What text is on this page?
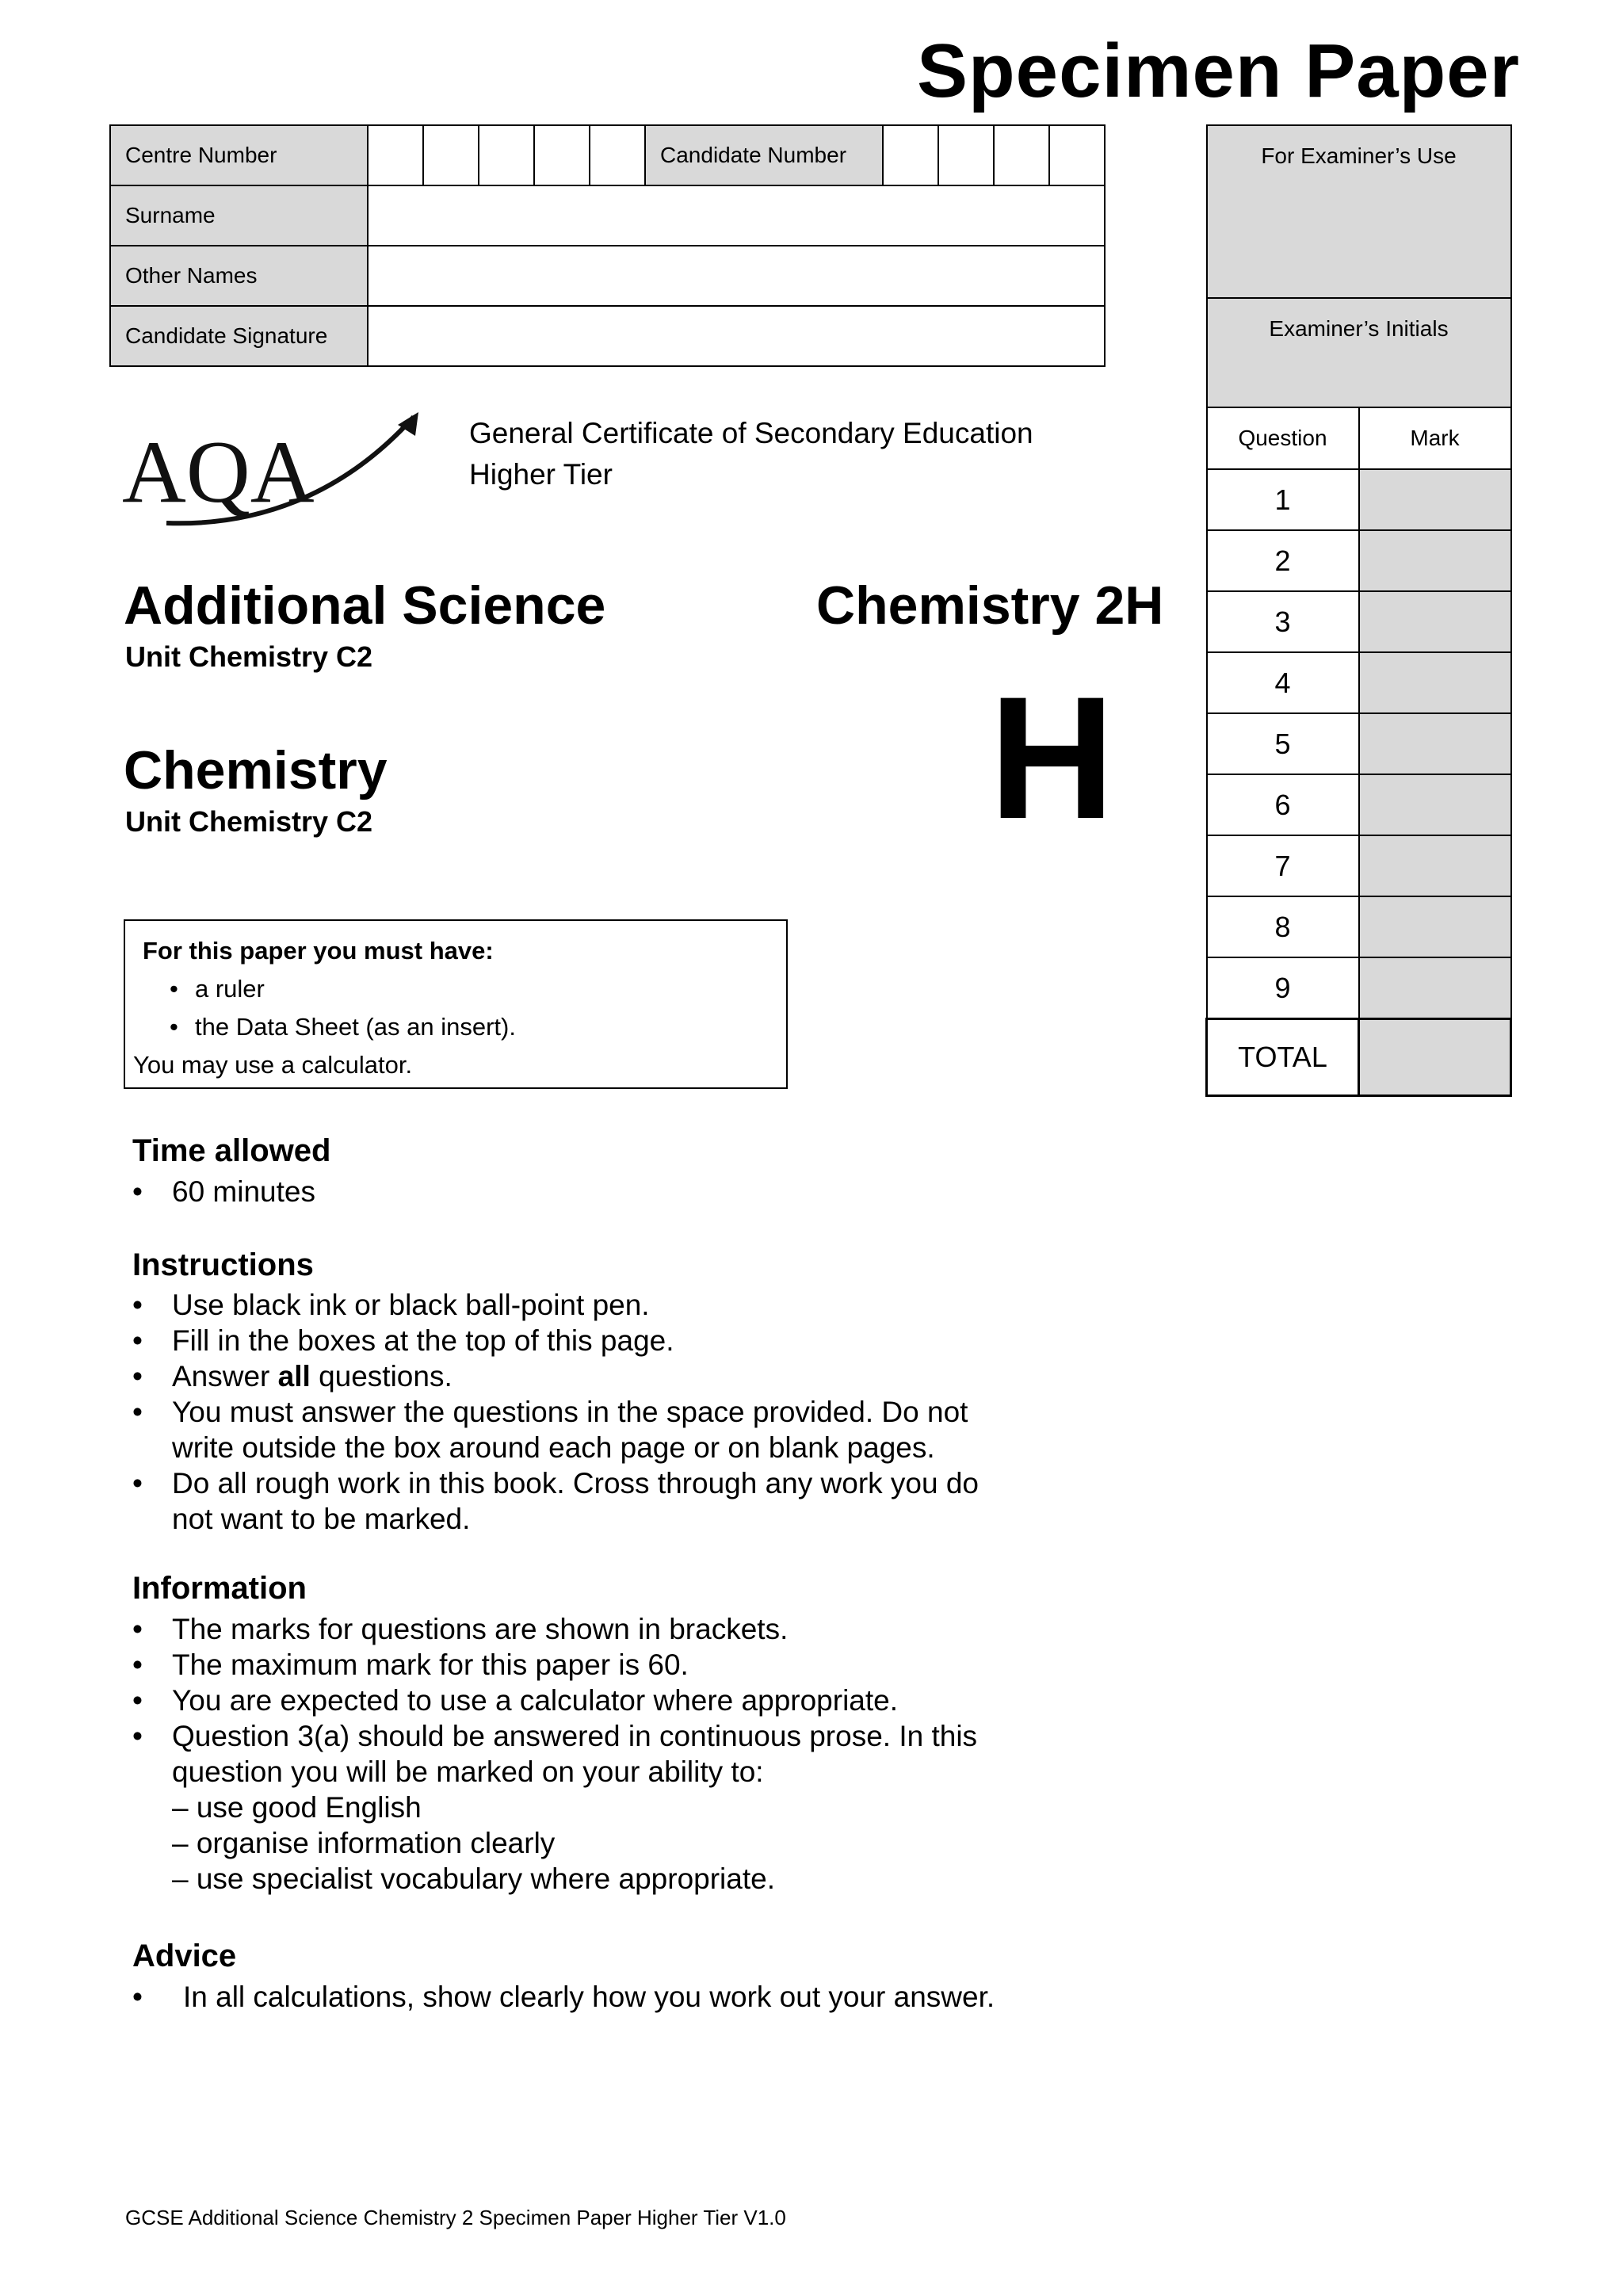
Specimen Paper
Centre Number						Candidate Number				
Surname										
Other Names										
Candidate Signature										
For Examiner’s Use	
Examiner’s Initials	
Question	Mark
1	
2	
3	
4	
5	
6	
7	
8	
9	
TOTAL	
AQA	General Certificate of Secondary Education
Higher Tier
Additional Science
Unit Chemistry C2
Chemistry 2H
Chemistry
Unit Chemistry C2	H
For this paper you must have:
• a ruler
• the Data Sheet (as an insert).
You may use a calculator.
Time allowed
• 60 minutes
Instructions
• Use black ink or black ball-point pen.
• Fill in the boxes at the top of this page.
• Answer all questions.
• You must answer the questions in the space provided. Do not
write outside the box around each page or on blank pages.
• Do all rough work in this book. Cross through any work you do
not want to be marked.
Information
• The marks for questions are shown in brackets.
• The maximum mark for this paper is 60.
• You are expected to use a calculator where appropriate.
• Question 3(a) should be answered in continuous prose. In this
question you will be marked on your ability to:
– use good English
– organise information clearly
– use specialist vocabulary where appropriate.
Advice
• In all calculations, show clearly how you work out your answer.
GCSE Additional Science Chemistry 2 Specimen Paper Higher Tier V1.0
